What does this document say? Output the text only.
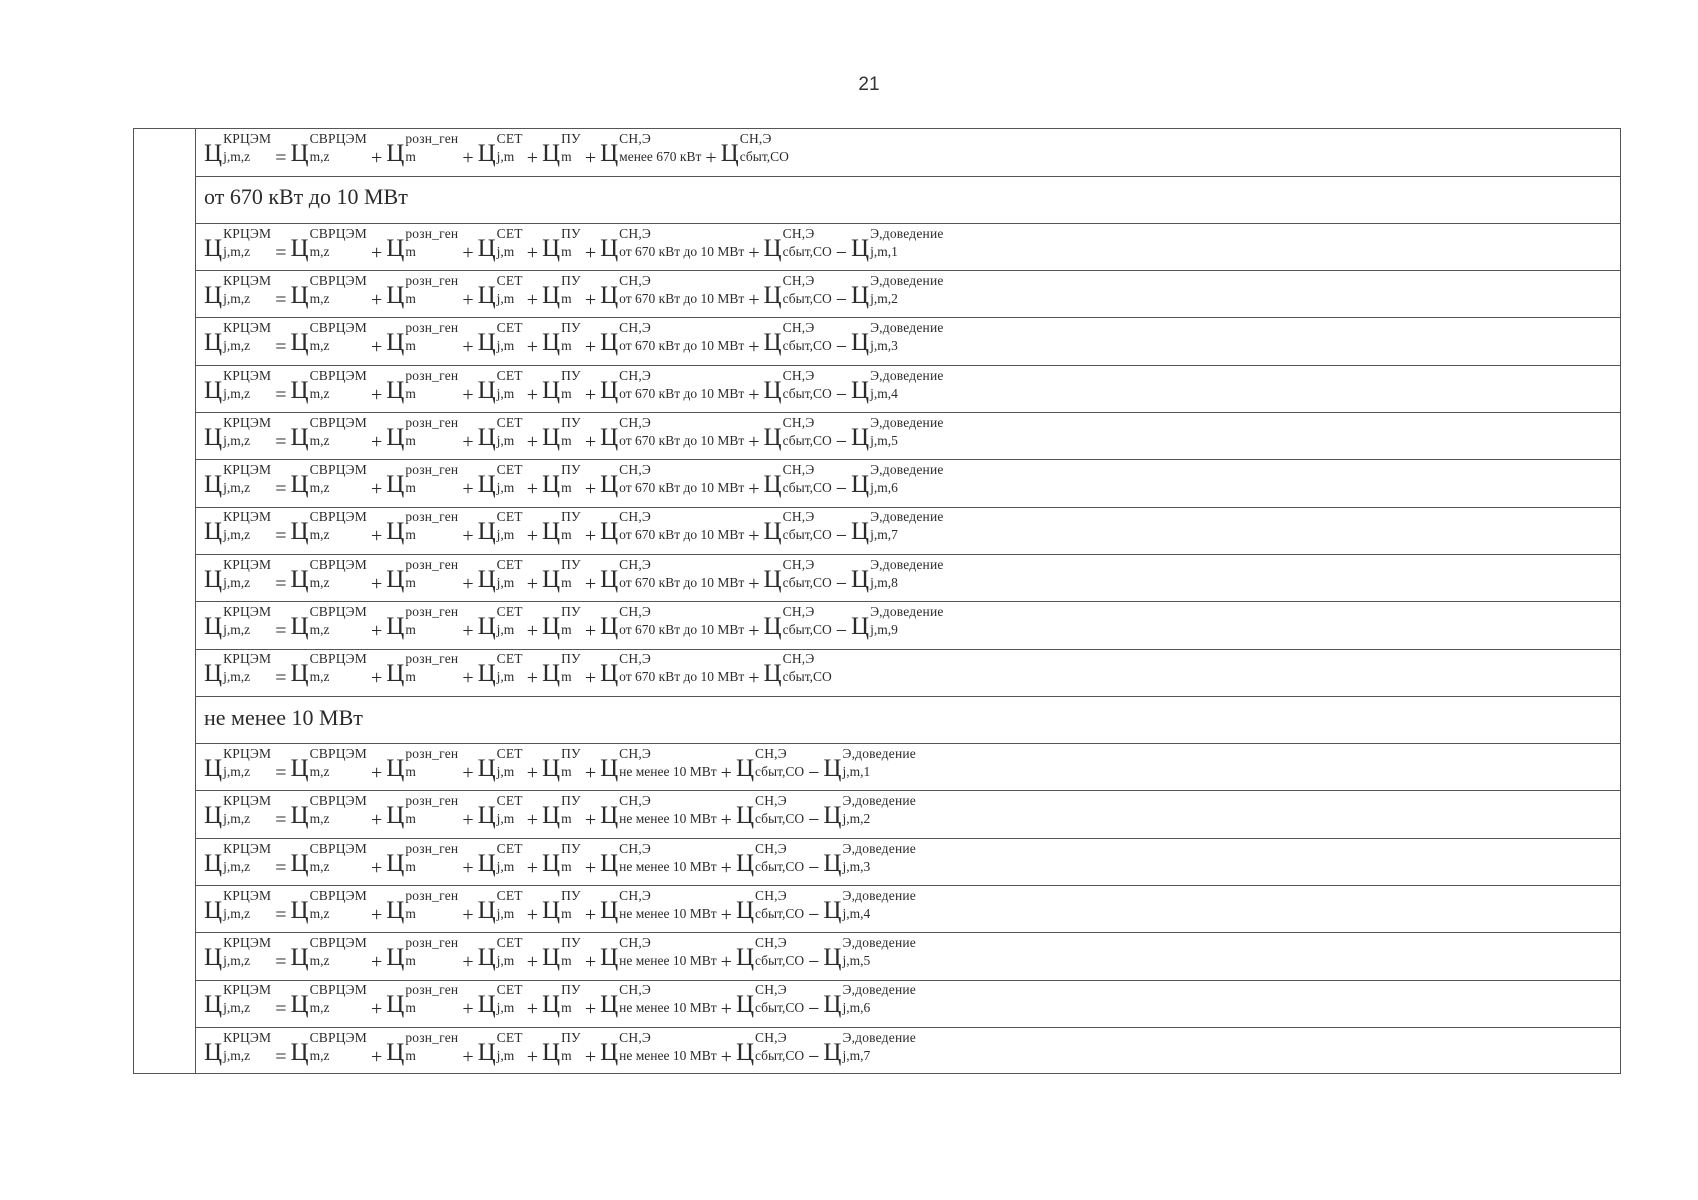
21
Ц
КРЦЭМ
j,m,z	= Ц
СВРЦЭМ
m,z	+ Ц
розн_ген
m	+ Ц
СЕТ
j,m + Ц
ПУ
m + Ц
СН,Э
менее 670 кВт + Ц
СН,Э
сбыт,СО
от 670 кВт до 10 МВт
Ц
КРЦЭМ
j,m,z	= Ц
СВРЦЭМ
m,z	+ Ц
розн_ген
m	+ Ц
СЕТ
j,m + Ц
ПУ
m + Ц
СН,Э
от 670 кВт до 10 МВт + Ц
СН,Э
сбыт,СО − Ц
Э,доведение
j,m,1
Ц
КРЦЭМ
j,m,z	= Ц
СВРЦЭМ
m,z	+ Ц
розн_ген
m	+ Ц
СЕТ
j,m + Ц
ПУ
m + Ц
СН,Э
от 670 кВт до 10 МВт + Ц
СН,Э
сбыт,СО − Ц
Э,доведение
j,m,2
Ц
КРЦЭМ
j,m,z	= Ц
СВРЦЭМ
m,z	+ Ц
розн_ген
m	+ Ц
СЕТ
j,m + Ц
ПУ
m + Ц
СН,Э
от 670 кВт до 10 МВт + Ц
СН,Э
сбыт,СО − Ц
Э,доведение
j,m,3
Ц
КРЦЭМ
j,m,z	= Ц
СВРЦЭМ
m,z	+ Ц
розн_ген
m	+ Ц
СЕТ
j,m + Ц
ПУ
m + Ц
СН,Э
от 670 кВт до 10 МВт + Ц
СН,Э
сбыт,СО − Ц
Э,доведение
j,m,4
Ц
КРЦЭМ
j,m,z	= Ц
СВРЦЭМ
m,z	+ Ц
розн_ген
m	+ Ц
СЕТ
j,m + Ц
ПУ
m + Ц
СН,Э
от 670 кВт до 10 МВт + Ц
СН,Э
сбыт,СО − Ц
Э,доведение
j,m,5
Ц
КРЦЭМ
j,m,z	= Ц
СВРЦЭМ
m,z	+ Ц
розн_ген
m	+ Ц
СЕТ
j,m + Ц
ПУ
m + Ц
СН,Э
от 670 кВт до 10 МВт + Ц
СН,Э
сбыт,СО − Ц
Э,доведение
j,m,6
Ц
КРЦЭМ
j,m,z	= Ц
СВРЦЭМ
m,z	+ Ц
розн_ген
m	+ Ц
СЕТ
j,m + Ц
ПУ
m + Ц
СН,Э
от 670 кВт до 10 МВт + Ц
СН,Э
сбыт,СО − Ц
Э,доведение
j,m,7
Ц
КРЦЭМ
j,m,z	= Ц
СВРЦЭМ
m,z	+ Ц
розн_ген
m	+ Ц
СЕТ
j,m + Ц
ПУ
m + Ц
СН,Э
от 670 кВт до 10 МВт + Ц
СН,Э
сбыт,СО − Ц
Э,доведение
j,m,8
Ц
КРЦЭМ
j,m,z	= Ц
СВРЦЭМ
m,z	+ Ц
розн_ген
m	+ Ц
СЕТ
j,m + Ц
ПУ
m + Ц
СН,Э
от 670 кВт до 10 МВт + Ц
СН,Э
сбыт,СО − Ц
Э,доведение
j,m,9
Ц
КРЦЭМ
j,m,z	= Ц
СВРЦЭМ
m,z	+ Ц
розн_ген
m	+ Ц
СЕТ
j,m + Ц
ПУ
m + Ц
СН,Э
от 670 кВт до 10 МВт + Ц
СН,Э
сбыт,СО
не менее 10 МВт
Ц
КРЦЭМ
j,m,z	= Ц
СВРЦЭМ
m,z	+ Ц
розн_ген
m	+ Ц
СЕТ
j,m + Ц
ПУ
m + Ц
СН,Э
не менее 10 МВт + Ц
СН,Э
сбыт,СО − Ц
Э,доведение
j,m,1
Ц
КРЦЭМ
j,m,z	= Ц
СВРЦЭМ
m,z	+ Ц
розн_ген
m	+ Ц
СЕТ
j,m + Ц
ПУ
m + Ц
СН,Э
не менее 10 МВт + Ц
СН,Э
сбыт,СО − Ц
Э,доведение
j,m,2
Ц
КРЦЭМ
j,m,z	= Ц
СВРЦЭМ
m,z	+ Ц
розн_ген
m	+ Ц
СЕТ
j,m + Ц
ПУ
m + Ц
СН,Э
не менее 10 МВт + Ц
СН,Э
сбыт,СО − Ц
Э,доведение
j,m,3
Ц
КРЦЭМ
j,m,z	= Ц
СВРЦЭМ
m,z	+ Ц
розн_ген
m	+ Ц
СЕТ
j,m + Ц
ПУ
m + Ц
СН,Э
не менее 10 МВт + Ц
СН,Э
сбыт,СО − Ц
Э,доведение
j,m,4
Ц
КРЦЭМ
j,m,z	= Ц
СВРЦЭМ
m,z	+ Ц
розн_ген
m	+ Ц
СЕТ
j,m + Ц
ПУ
m + Ц
СН,Э
не менее 10 МВт + Ц
СН,Э
сбыт,СО − Ц
Э,доведение
j,m,5
Ц
КРЦЭМ
j,m,z	= Ц
СВРЦЭМ
m,z	+ Ц
розн_ген
m	+ Ц
СЕТ
j,m + Ц
ПУ
m + Ц
СН,Э
не менее 10 МВт + Ц
СН,Э
сбыт,СО − Ц
Э,доведение
j,m,6
Ц
КРЦЭМ
j,m,z	= Ц
СВРЦЭМ
m,z	+ Ц
розн_ген
m	+ Ц
СЕТ
j,m + Ц
ПУ
m + Ц
СН,Э
не менее 10 МВт + Ц
СН,Э
сбыт,СО − Ц
Э,доведение
j,m,7
